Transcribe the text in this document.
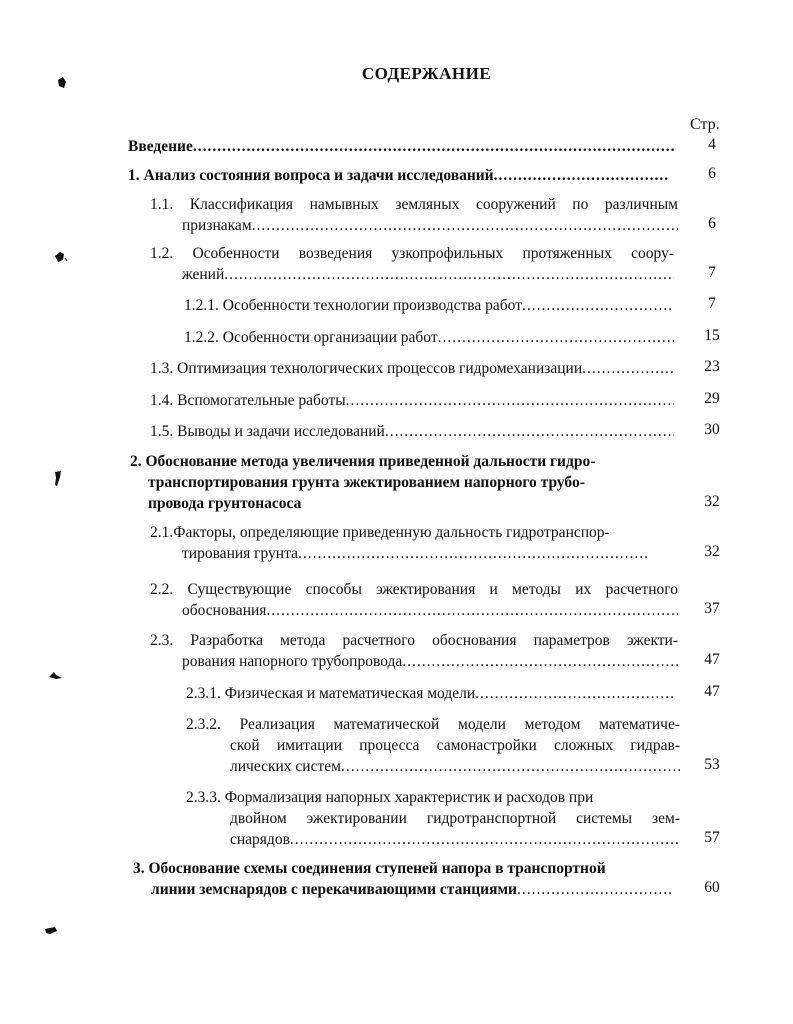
СОДЕРЖАНИЕ
Стр.
Введение .....	4
1. Анализ состояния вопроса и задачи исследований .....	6
1.1. Классификация намывных земляных сооружений по различным
признакам .....	6
1.2. Особенности возведения узкопрофильных протяженных соору-
жений .....	7
1.2.1. Особенности технологии производства работ .....	7
1.2.2. Особенности организации работ .....	15
1.3. Оптимизация технологических процессов гидромеханизации .....	23
1.4. Вспомогательные работы .....	29
1.5. Выводы и задачи исследований .....	30
2. Обоснование метода увеличения приведенной дальности гидро-
транспортирования грунта эжектированием напорного трубо-
провода грунтонасоса	32
2.1.Факторы, определяющие приведенную дальность гидротранспор-
тирования грунта .....	32
2.2. Существующие способы эжектирования и методы их расчетного
обоснования .....	37
2.3. Разработка метода расчетного обоснования параметров эжекти-
рования напорного трубопровода .....	47
2.3.1. Физическая и математическая модели .....	47
2.3.2. Реализация математической модели методом математиче-
ской имитации процесса самонастройки сложных гидрав-
лических систем .....	53
2.3.3. Формализация напорных характеристик и расходов при
двойном эжектировании гидротранспортной системы зем-
снарядов .....	57
3. Обоснование схемы соединения ступеней напора в транспортной
линии земснарядов с перекачивающими станциями .....	60
